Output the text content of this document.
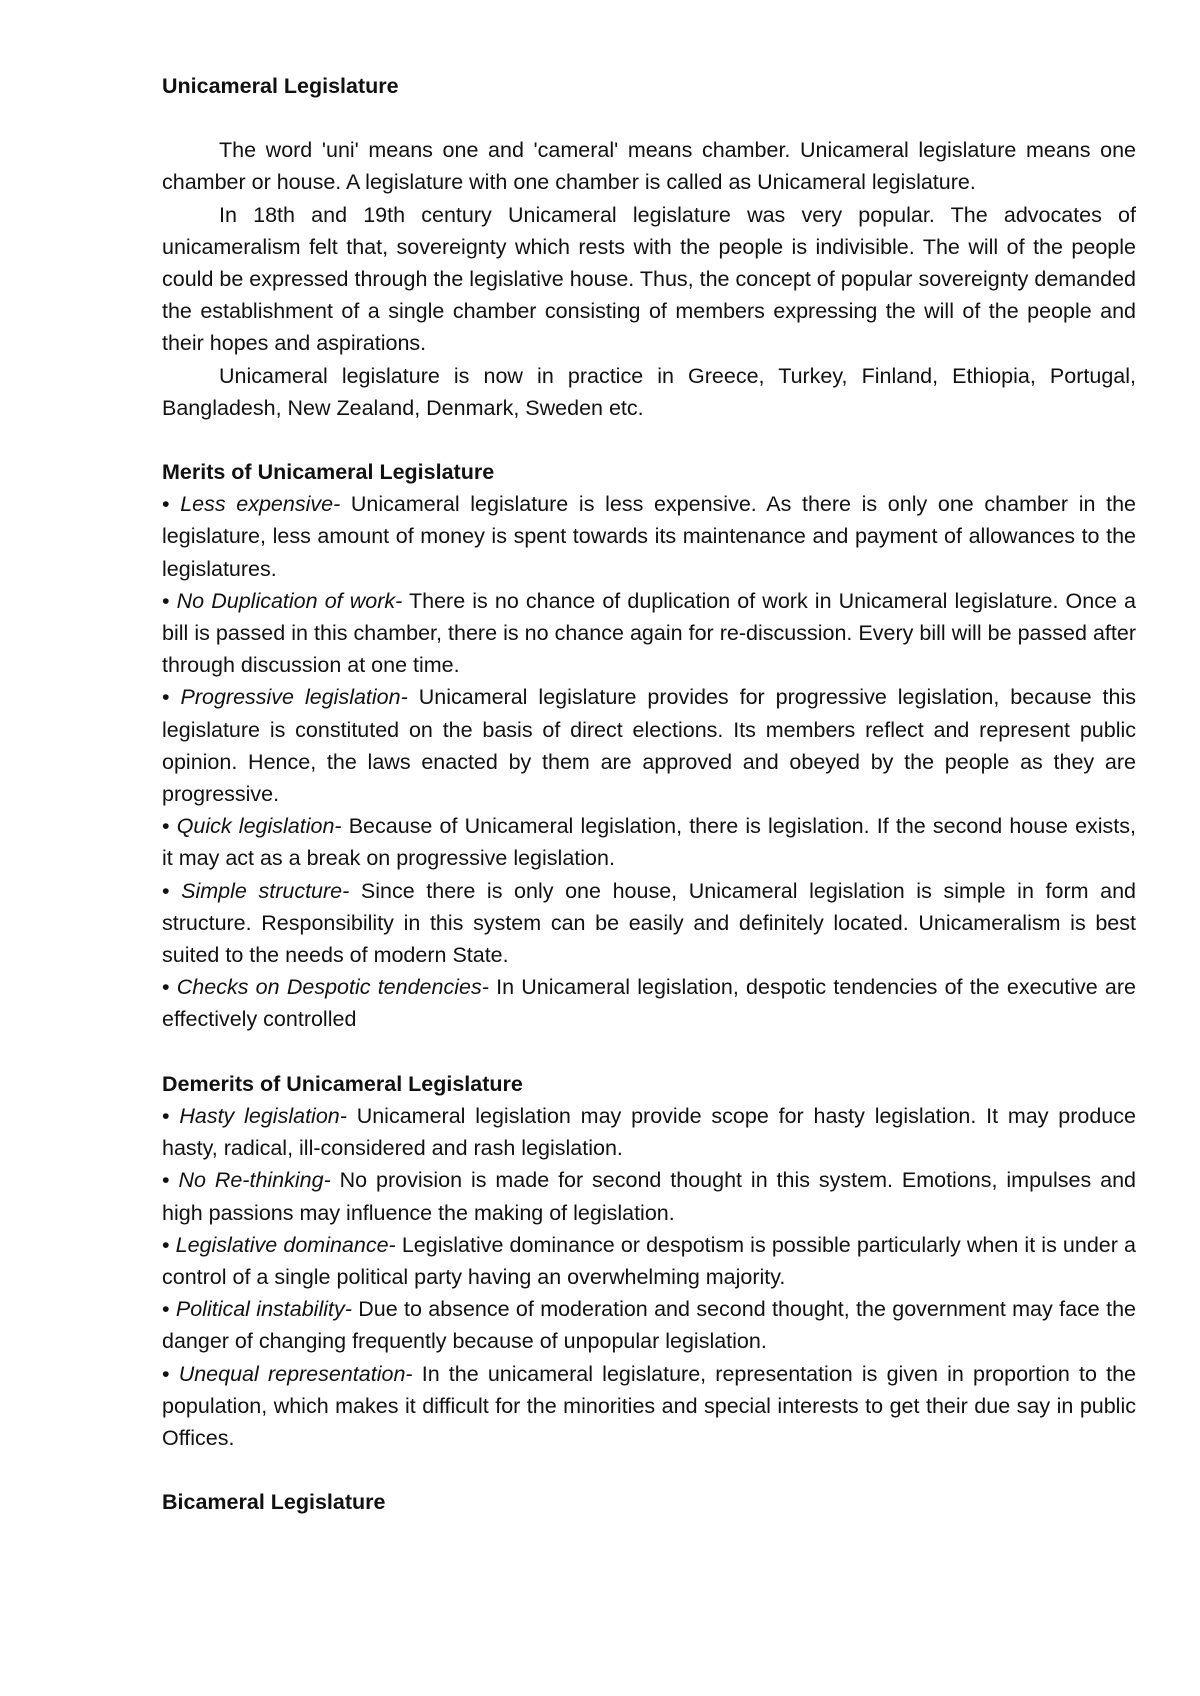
Unicameral Legislature

The word 'uni' means one and 'cameral' means chamber. Unicameral legislature means one chamber or house. A legislature with one chamber is called as Unicameral legislature.

In 18th and 19th century Unicameral legislature was very popular. The advocates of unicameralism felt that, sovereignty which rests with the people is indivisible. The will of the people could be expressed through the legislative house. Thus, the concept of popular sovereignty demanded the establishment of a single chamber consisting of members expressing the will of the people and their hopes and aspirations.

Unicameral legislature is now in practice in Greece, Turkey, Finland, Ethiopia, Portugal, Bangladesh, New Zealand, Denmark, Sweden etc.

Merits of Unicameral Legislature

• Less expensive- Unicameral legislature is less expensive. As there is only one chamber in the legislature, less amount of money is spent towards its maintenance and payment of allowances to the legislatures.

• No Duplication of work- There is no chance of duplication of work in Unicameral legislature. Once a bill is passed in this chamber, there is no chance again for re-discussion. Every bill will be passed after through discussion at one time.

• Progressive legislation- Unicameral legislature provides for progressive legislation, because this legislature is constituted on the basis of direct elections. Its members reflect and represent public opinion. Hence, the laws enacted by them are approved and obeyed by the people as they are progressive.

• Quick legislation- Because of Unicameral legislation, there is legislation. If the second house exists, it may act as a break on progressive legislation.

• Simple structure- Since there is only one house, Unicameral legislation is simple in form and structure. Responsibility in this system can be easily and definitely located. Unicameralism is best suited to the needs of modern State.

• Checks on Despotic tendencies- In Unicameral legislation, despotic tendencies of the executive are effectively controlled

Demerits of Unicameral Legislature

• Hasty legislation- Unicameral legislation may provide scope for hasty legislation. It may produce hasty, radical, ill-considered and rash legislation.

• No Re-thinking- No provision is made for second thought in this system. Emotions, impulses and high passions may influence the making of legislation.

• Legislative dominance- Legislative dominance or despotism is possible particularly when it is under a control of a single political party having an overwhelming majority.

• Political instability- Due to absence of moderation and second thought, the government may face the danger of changing frequently because of unpopular legislation.

• Unequal representation- In the unicameral legislature, representation is given in proportion to the population, which makes it difficult for the minorities and special interests to get their due say in public Offices.

Bicameral Legislature
